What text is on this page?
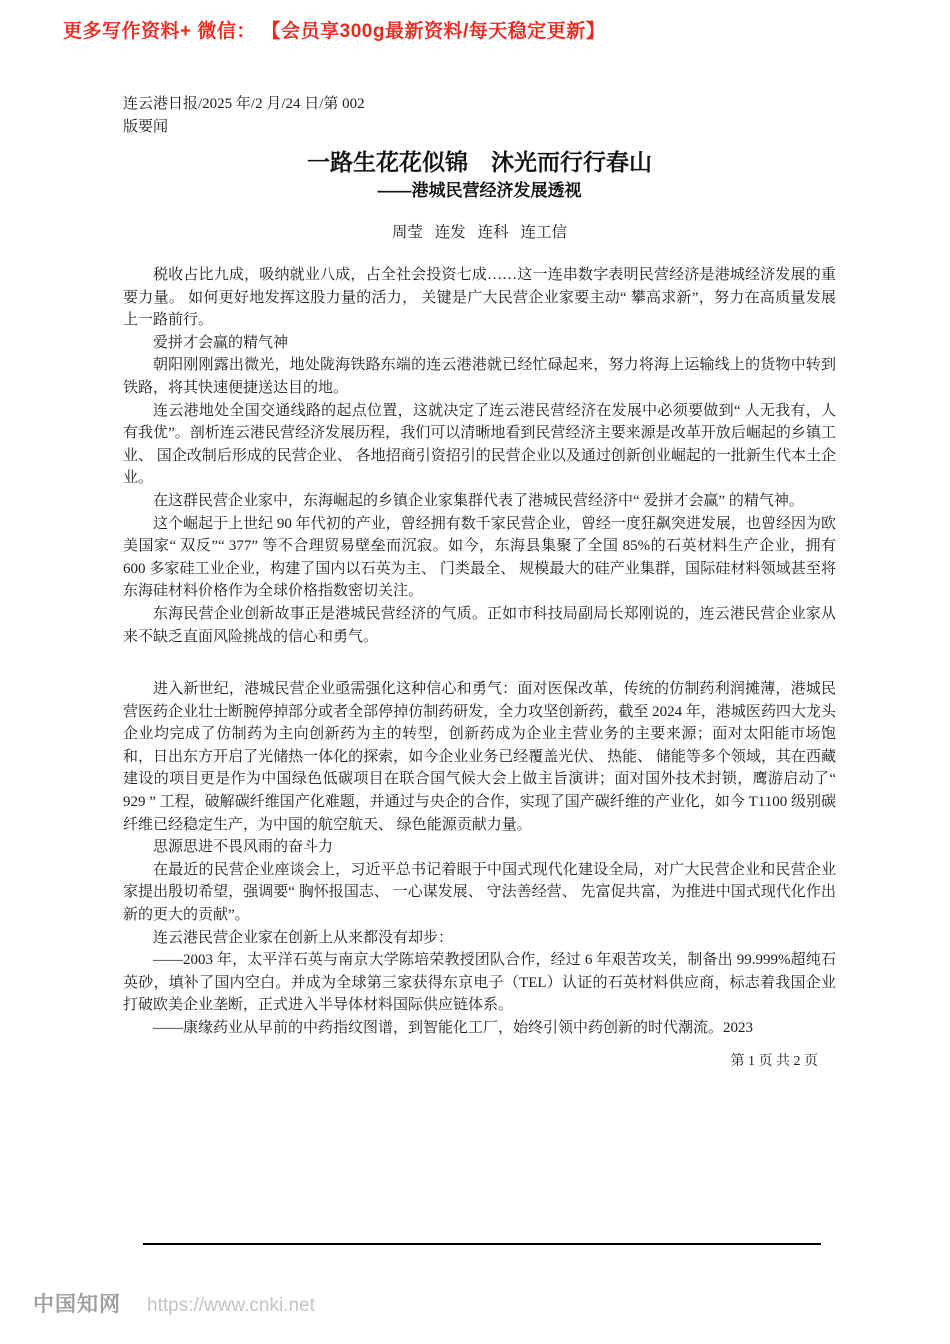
更多写作资料+ 微信： 【会员享300g最新资料/每天稳定更新】
连云港日报/2025 年/2 月/24 日/第 002
版要闻
一路生花花似锦　沐光而行行春山
——港城民营经济发展透视
周莹 连发 连科 连工信

税收占比九成，吸纳就业八成，占全社会投资七成……这一连串数字表明民营经济是港城经济发展的重要力量。 如何更好地发挥这股力量的活力， 关键是广大民营企业家要主动“ 攀高求新”，努力在高质量发展上一路前行。

爱拼才会赢的精气神

朝阳刚刚露出微光，地处陇海铁路东端的连云港港就已经忙碌起来，努力将海上运输线上的货物中转到铁路，将其快速便捷送达目的地。

连云港地处全国交通线路的起点位置，这就决定了连云港民营经济在发展中必须要做到“ 人无我有，人有我优”。剖析连云港民营经济发展历程，我们可以清晰地看到民营经济主要来源是改革开放后崛起的乡镇工业、 国企改制后形成的民营企业、 各地招商引资招引的民营企业以及通过创新创业崛起的一批新生代本土企业。

在这群民营企业家中，东海崛起的乡镇企业家集群代表了港城民营经济中“ 爱拼才会赢” 的精气神。

这个崛起于上世纪 90 年代初的产业，曾经拥有数千家民营企业，曾经一度狂飙突进发展，也曾经因为欧美国家“ 双反”“ 377” 等不合理贸易壁垒而沉寂。如今，东海县集聚了全国 85%的石英材料生产企业，拥有 600 多家硅工业企业，构建了国内以石英为主、 门类最全、 规模最大的硅产业集群，国际硅材料领域甚至将东海硅材料价格作为全球价格指数密切关注。

东海民营企业创新故事正是港城民营经济的气质。正如市科技局副局长郑刚说的，连云港民营企业家从来不缺乏直面风险挑战的信心和勇气。

进入新世纪，港城民营企业亟需强化这种信心和勇气：面对医保改革，传统的仿制药利润摊薄，港城民营医药企业壮士断腕停掉部分或者全部停掉仿制药研发，全力攻坚创新药，截至 2024 年，港城医药四大龙头企业均完成了仿制药为主向创新药为主的转型，创新药成为企业主营业务的主要来源；面对太阳能市场饱和，日出东方开启了光储热一体化的探索，如今企业业务已经覆盖光伏、 热能、 储能等多个领域，其在西藏建设的项目更是作为中国绿色低碳项目在联合国气候大会上做主旨演讲；面对国外技术封锁，鹰游启动了“ 929 ” 工程，破解碳纤维国产化难题，并通过与央企的合作，实现了国产碳纤维的产业化，如今 T1100 级别碳纤维已经稳定生产，为中国的航空航天、 绿色能源贡献力量。

思源思进不畏风雨的奋斗力

在最近的民营企业座谈会上，习近平总书记着眼于中国式现代化建设全局，对广大民营企业和民营企业家提出殷切希望，强调要“ 胸怀报国志、 一心谋发展、 守法善经营、 先富促共富，为推进中国式现代化作出新的更大的贡献”。

连云港民营企业家在创新上从来都没有却步：

——2003 年，太平洋石英与南京大学陈培荣教授团队合作，经过 6 年艰苦攻关，制备出 99.999%超纯石英砂，填补了国内空白。并成为全球第三家获得东京电子（TEL）认证的石英材料供应商，标志着我国企业打破欧美企业垄断，正式进入半导体材料国际供应链体系。

——康缘药业从早前的中药指纹图谱，到智能化工厂，始终引领中药创新的时代潮流。2023

第 1 页 共 2 页
中国知网 https://www.cnki.net
